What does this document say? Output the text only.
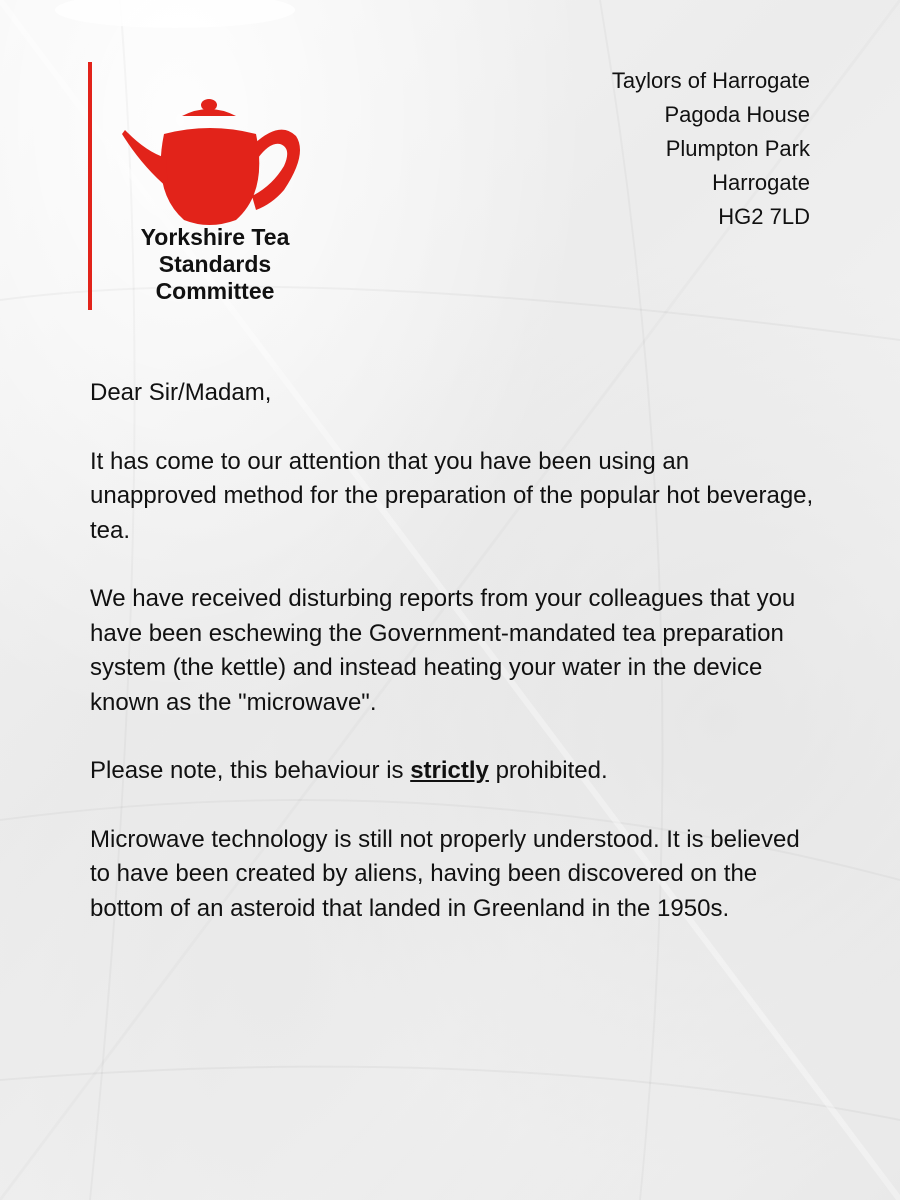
Yorkshire Tea
Standards
Committee
Taylors of Harrogate
Pagoda House
Plumpton Park
Harrogate
HG2 7LD

Dear Sir/Madam,

It has come to our attention that you have been using an unapproved method for the preparation of the popular hot beverage, tea.

We have received disturbing reports from your colleagues that you have been eschewing the Government-mandated tea preparation system (the kettle) and instead heating your water in the device known as the "microwave".

Please note, this behaviour is strictly prohibited.

Microwave technology is still not properly understood. It is believed to have been created by aliens, having been discovered on the bottom of an asteroid that landed in Greenland in the 1950s.
